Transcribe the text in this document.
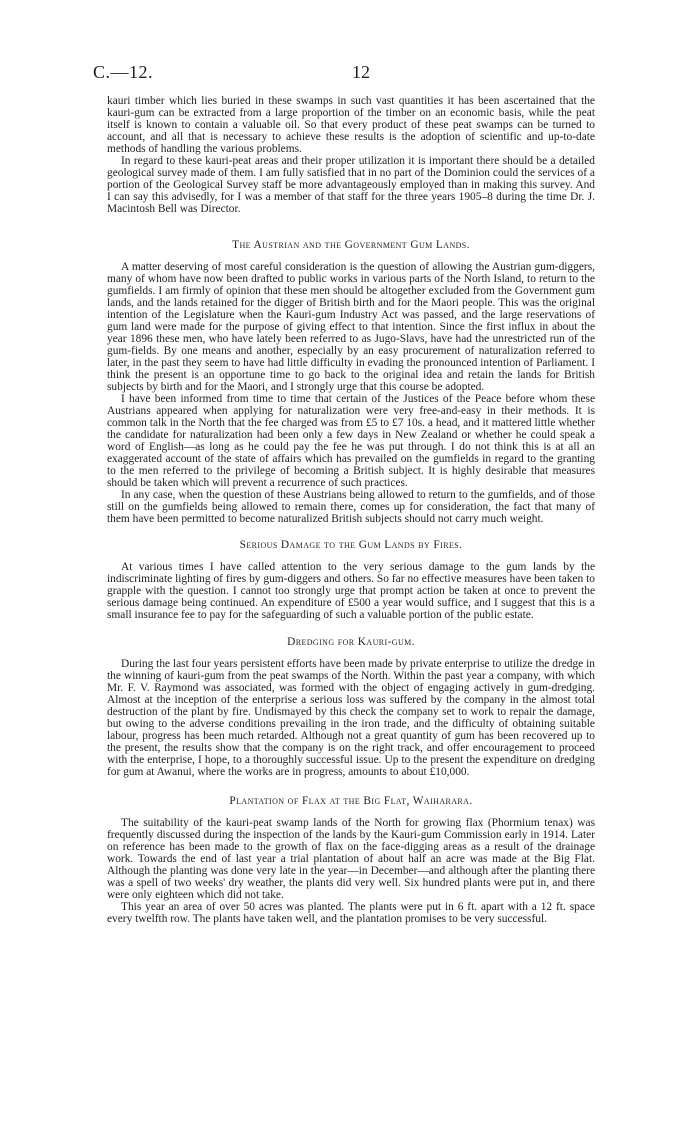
C.—12.	12

kauri timber which lies buried in these swamps in such vast quantities it has been ascertained that the kauri-gum can be extracted from a large proportion of the timber on an economic basis, while the peat itself is known to contain a valuable oil. So that every product of these peat swamps can be turned to account, and all that is necessary to achieve these results is the adoption of scientific and up-to-date methods of handling the various problems.

In regard to these kauri-peat areas and their proper utilization it is important there should be a detailed geological survey made of them. I am fully satisfied that in no part of the Dominion could the services of a portion of the Geological Survey staff be more advantageously employed than in making this survey. And I can say this advisedly, for I was a member of that staff for the three years 1905–8 during the time Dr. J. Macintosh Bell was Director.

The Austrian and the Government Gum Lands.

A matter deserving of most careful consideration is the question of allowing the Austrian gum-diggers, many of whom have now been drafted to public works in various parts of the North Island, to return to the gumfields. I am firmly of opinion that these men should be altogether excluded from the Government gum lands, and the lands retained for the digger of British birth and for the Maori people. This was the original intention of the Legislature when the Kauri-gum Industry Act was passed, and the large reservations of gum land were made for the purpose of giving effect to that intention. Since the first influx in about the year 1896 these men, who have lately been referred to as Jugo-Slavs, have had the unrestricted run of the gum-fields. By one means and another, especially by an easy procurement of naturalization referred to later, in the past they seem to have had little difficulty in evading the pronounced intention of Parliament. I think the present is an opportune time to go back to the original idea and retain the lands for British subjects by birth and for the Maori, and I strongly urge that this course be adopted.

I have been informed from time to time that certain of the Justices of the Peace before whom these Austrians appeared when applying for naturalization were very free-and-easy in their methods. It is common talk in the North that the fee charged was from £5 to £7 10s. a head, and it mattered little whether the candidate for naturalization had been only a few days in New Zealand or whether he could speak a word of English—as long as he could pay the fee he was put through. I do not think this is at all an exaggerated account of the state of affairs which has prevailed on the gumfields in regard to the granting to the men referred to the privilege of becoming a British subject. It is highly desirable that measures should be taken which will prevent a recurrence of such practices.

In any case, when the question of these Austrians being allowed to return to the gumfields, and of those still on the gumfields being allowed to remain there, comes up for consideration, the fact that many of them have been permitted to become naturalized British subjects should not carry much weight.

Serious Damage to the Gum Lands by Fires.

At various times I have called attention to the very serious damage to the gum lands by the indiscriminate lighting of fires by gum-diggers and others. So far no effective measures have been taken to grapple with the question. I cannot too strongly urge that prompt action be taken at once to prevent the serious damage being continued. An expenditure of £500 a year would suffice, and I suggest that this is a small insurance fee to pay for the safeguarding of such a valuable portion of the public estate.

Dredging for Kauri-gum.

During the last four years persistent efforts have been made by private enterprise to utilize the dredge in the winning of kauri-gum from the peat swamps of the North. Within the past year a company, with which Mr. F. V. Raymond was associated, was formed with the object of engaging actively in gum-dredging. Almost at the inception of the enterprise a serious loss was suffered by the company in the almost total destruction of the plant by fire. Undismayed by this check the company set to work to repair the damage, but owing to the adverse conditions prevailing in the iron trade, and the difficulty of obtaining suitable labour, progress has been much retarded. Although not a great quantity of gum has been recovered up to the present, the results show that the company is on the right track, and offer encouragement to proceed with the enterprise, I hope, to a thoroughly successful issue. Up to the present the expenditure on dredging for gum at Awanui, where the works are in progress, amounts to about £10,000.

Plantation of Flax at the Big Flat, Waiharara.

The suitability of the kauri-peat swamp lands of the North for growing flax (Phormium tenax) was frequently discussed during the inspection of the lands by the Kauri-gum Commission early in 1914. Later on reference has been made to the growth of flax on the face-digging areas as a result of the drainage work. Towards the end of last year a trial plantation of about half an acre was made at the Big Flat. Although the planting was done very late in the year—in December—and although after the planting there was a spell of two weeks' dry weather, the plants did very well. Six hundred plants were put in, and there were only eighteen which did not take.

This year an area of over 50 acres was planted. The plants were put in 6 ft. apart with a 12 ft. space every twelfth row. The plants have taken well, and the plantation promises to be very successful.
